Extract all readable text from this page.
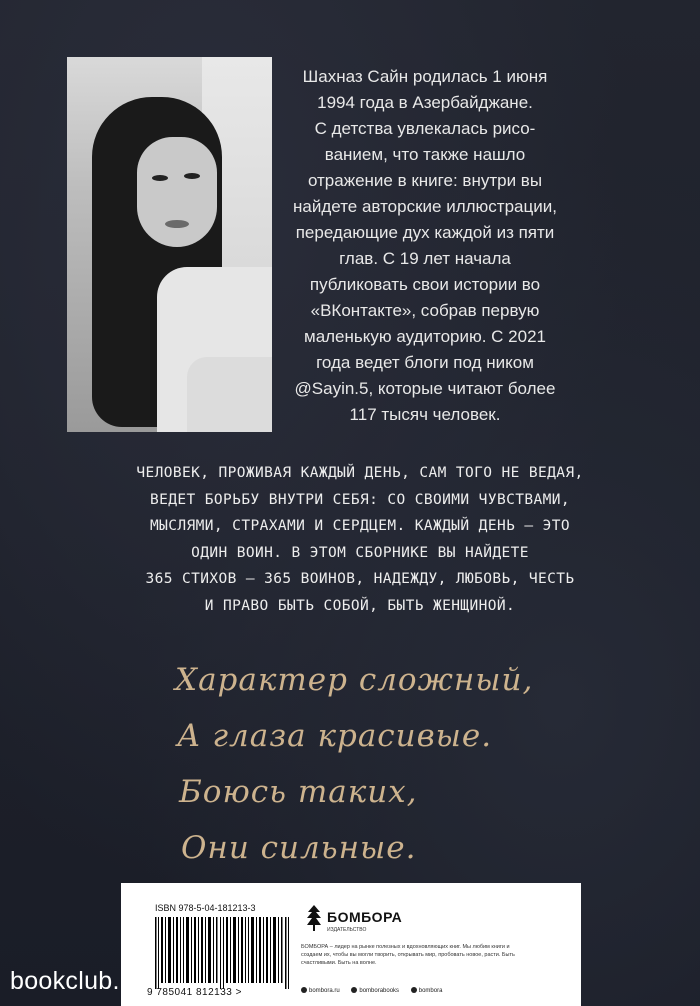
Шахназ Сайн родилась 1 июня
1994 года в Азербайджане.
С детства увлекалась рисо-
ванием, что также нашло
отражение в книге: внутри вы
найдете авторские иллюстрации,
передающие дух каждой из пяти
глав. С 19 лет начала
публиковать свои истории во
«ВКонтакте», собрав первую
маленькую аудиторию. С 2021
года ведет блоги под ником
@Sayin.5, которые читают более
117 тысяч человек.
ЧЕЛОВЕК, ПРОЖИВАЯ КАЖДЫЙ ДЕНЬ, САМ ТОГО НЕ ВЕДАЯ,
ВЕДЕТ БОРЬБУ ВНУТРИ СЕБЯ: СО СВОИМИ ЧУВСТВАМИ,
МЫСЛЯМИ, СТРАХАМИ И СЕРДЦЕМ. КАЖДЫЙ ДЕНЬ — ЭТО
ОДИН ВОИН. В ЭТОМ СБОРНИКЕ ВЫ НАЙДЕТЕ
365 СТИХОВ — 365 ВОИНОВ, НАДЕЖДУ, ЛЮБОВЬ, ЧЕСТЬ
И ПРАВО БЫТЬ СОБОЙ, БЫТЬ ЖЕНЩИНОЙ.
Характер сложный,
А глаза красивые.
Боюсь таких,
Они сильные.
ISBN 978-5-04-181213-3
9 785041 812133 >
БОМБОРА
ИЗДАТЕЛЬСТВО
БОМБОРА – лидер на рынке полезных и вдохновляющих книг. Мы любим книги и создаем их, чтобы вы могли творить, открывать мир, пробовать новое, расти. Быть счастливыми. Быть на волне.
bombora.ru	bomborabooks	bombora
bookclub.by
